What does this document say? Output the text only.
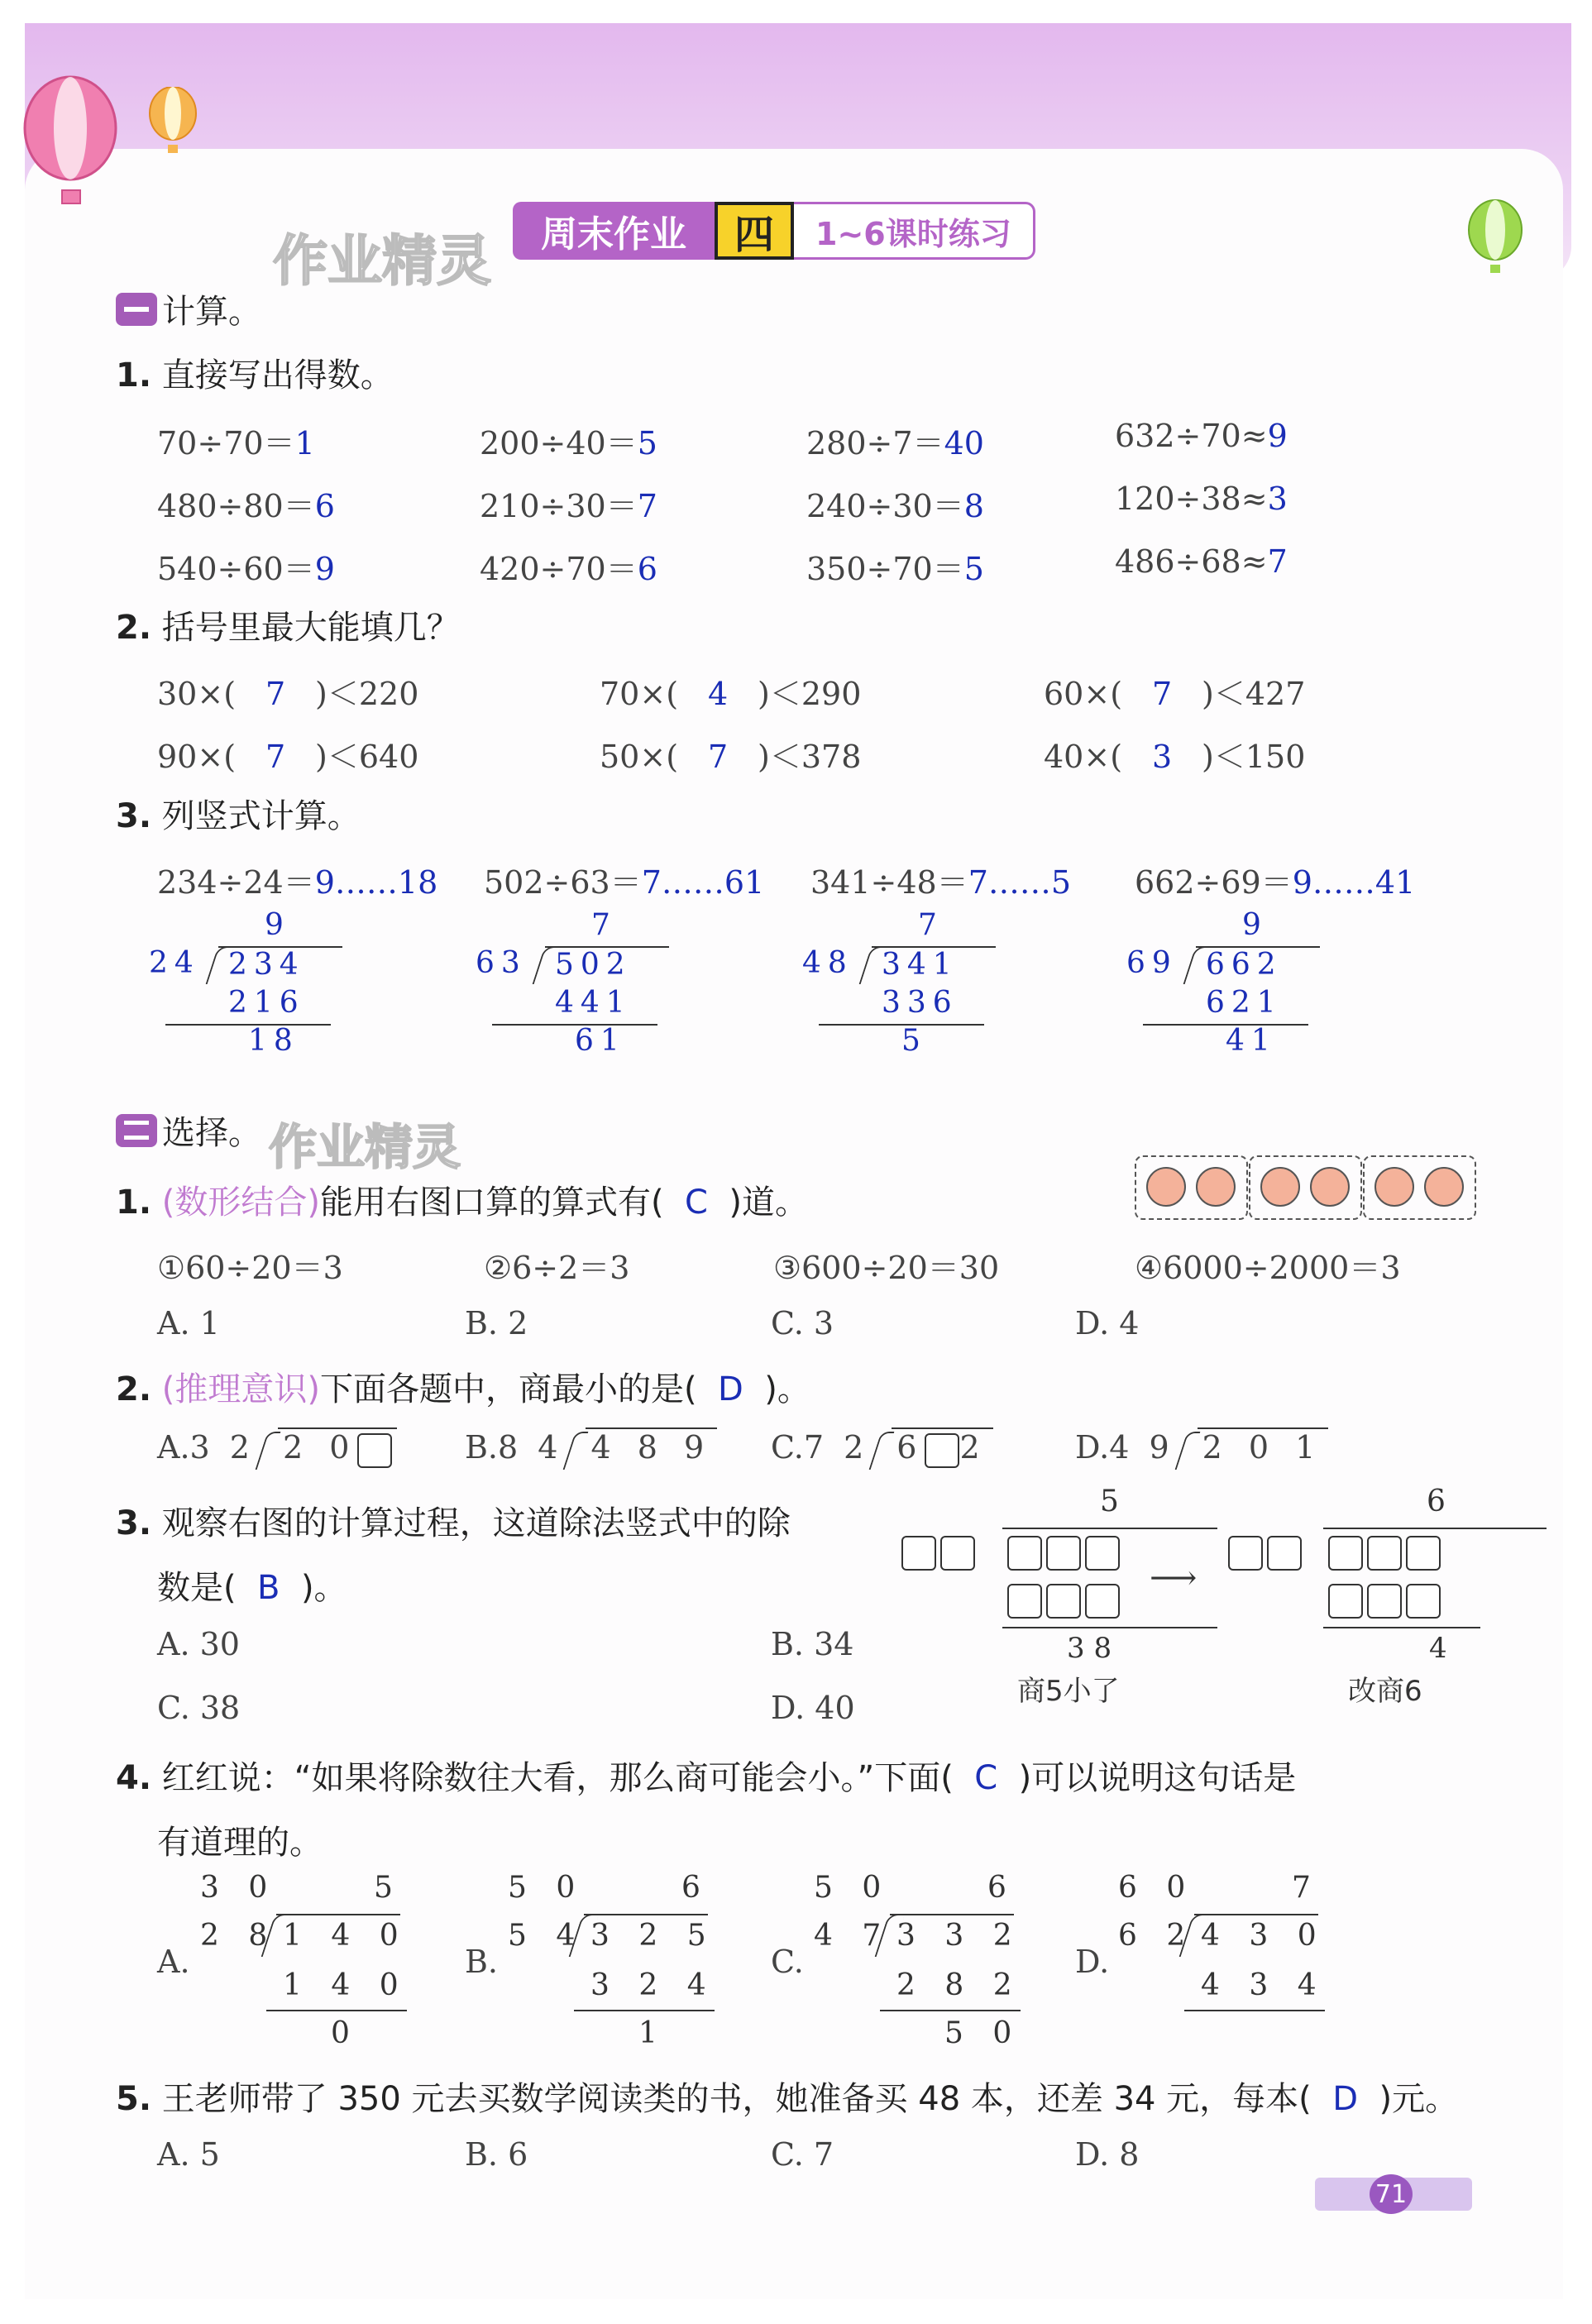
作业精灵	周末作业	四	1~6课时练习
计算。
1. 直接写出得数。
70÷70＝1	200÷40＝5	280÷7＝40	632÷70≈9
480÷80＝6	210÷30＝7	240÷30＝8	120÷38≈3
540÷60＝9	420÷70＝6	350÷70＝5	486÷68≈7
2. 括号里最大能填几？
30×( 7 )＜220	70×( 4 )＜290	60×( 7 )＜427
90×( 7 )＜640	50×( 7 )＜378	40×( 3 )＜150
3. 列竖式计算。
234÷24＝9……18
9
24 234
216
18
502÷63＝7……61
7
63 502
441
61
341÷48＝7……5
7
48 341
336
5
662÷69＝9……41
9
69 662
621
41
选择。 作业精灵
1. (数形结合)能用右图口算的算式有( C )道。
①60÷20＝3	②6÷2＝3	③600÷20＝30	④6000÷2000＝3
A. 1	B. 2	C. 3	D. 4
2. (推理意识)下面各题中，商最小的是( D )。
A.3 2 2 0	B.8 4 4 8 9	C.7 2 6 2	D.4 9 2 0 1
3. 观察右图的计算过程，这道除法竖式中的除
数是( B )。
A. 30	B. 34
C. 38	D. 40
5

3 8
商5小了
⟶
6

4
改商6
4. 红红说：“如果将除数往大看，那么商可能会小。”下面( C )可以说明这句话是
有道理的。
A.
3 0	5
2 8 1 4 0
1 4 0
0
B.
5 0	6
5 4 3 2 5
3 2 4
1
C.
5 0	6
4 7 3 3 2
2 8 2
5 0
D.
6 0	7
6 2 4 3 0
4 3 4
5. 王老师带了 350 元去买数学阅读类的书，她准备买 48 本，还差 34 元，每本( D )元。
A. 5	B. 6	C. 7	D. 8
71
